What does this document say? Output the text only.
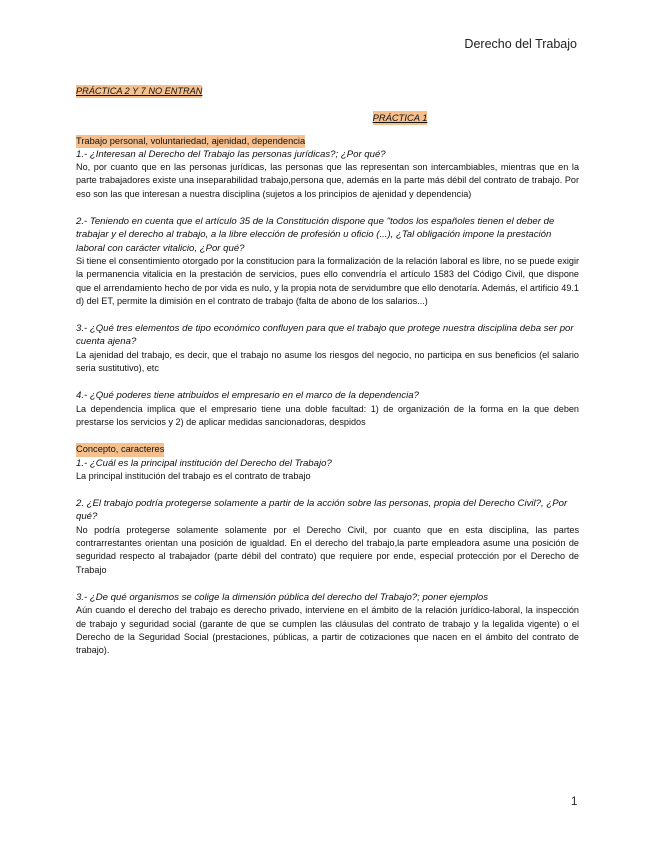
Derecho del Trabajo
PRÁCTICA 2 Y 7 NO ENTRAN
PRÁCTICA 1
Trabajo personal, voluntariedad, ajenidad, dependencia
1.- ¿Interesan al Derecho del Trabajo las personas jurídicas?; ¿Por qué?
No, por cuanto que en las personas jurídicas, las personas que las representan son intercambiables, mientras que en la parte trabajadores existe una inseparabilidad trabajo,persona que, además en la parte más débil del contrato de trabajo. Por eso son las que interesan a nuestra disciplina (sujetos a los principios de ajenidad y dependencia)
2.- Teniendo en cuenta que el artículo 35 de la Constitución dispone que "todos los españoles tienen el deber de trabajar y el derecho al trabajo, a la libre elección de profesión u oficio (...), ¿Tal obligación impone la prestación laboral con carácter vitalicio, ¿Por qué?
Si tiene el consentimiento otorgado por la constitucion para la formalización de la relación laboral es libre, no se puede exigir la permanencia vitalicia en la prestación de servicios, pues ello convendría el artículo 1583 del Código Civil, que dispone que el arrendamiento hecho de por vida es nulo, y la propia nota de servidumbre que ello denotaría. Además, el artificio 49.1 d) del ET, permite la dimisión en el contrato de trabajo (falta de abono de los salarios...)
3.- ¿Qué tres elementos de tipo económico confluyen para que el trabajo que protege nuestra disciplina deba ser por cuenta ajena?
La ajenidad del trabajo, es decir, que el trabajo no asume los riesgos del negocio, no participa en sus beneficios (el salario seria sustitutivo), etc
4.- ¿Qué poderes tiene atribuidos el empresario en el marco de la dependencia?
La dependencia implica que el empresario tiene una doble facultad: 1) de organización de la forma en la que deben prestarse los servicios y 2) de aplicar medidas sancionadoras, despidos
Concepto, caracteres
1.- ¿Cuál es la principal institución del Derecho del Trabajo?
La principal institución del trabajo es el contrato de trabajo
2. ¿El trabajo podría protegerse solamente a partir de la acción sobre las personas, propia del Derecho Civil?, ¿Por qué?
No podría protegerse solamente solamente por el Derecho Civil, por cuanto que en esta disciplina, las partes contrarrestantes orientan una posición de igualdad. En el derecho del trabajo,la parte empleadora asume una posición de seguridad respecto al trabajador (parte débil del contrato) que requiere por ende, especial protección por el Derecho de Trabajo
3.- ¿De qué organismos se colige la dimensión pública del derecho del Trabajo?; poner ejemplos
Aún cuando el derecho del trabajo es derecho privado, interviene en el ámbito de la relación jurídico-laboral, la inspección de trabajo y seguridad social (garante de que se cumplen las cláusulas del contrato de trabajo y la legalida vigente) o el Derecho de la Seguridad Social (prestaciones, públicas, a partir de cotizaciones que nacen en el ámbito del contrato de trabajo).
1
